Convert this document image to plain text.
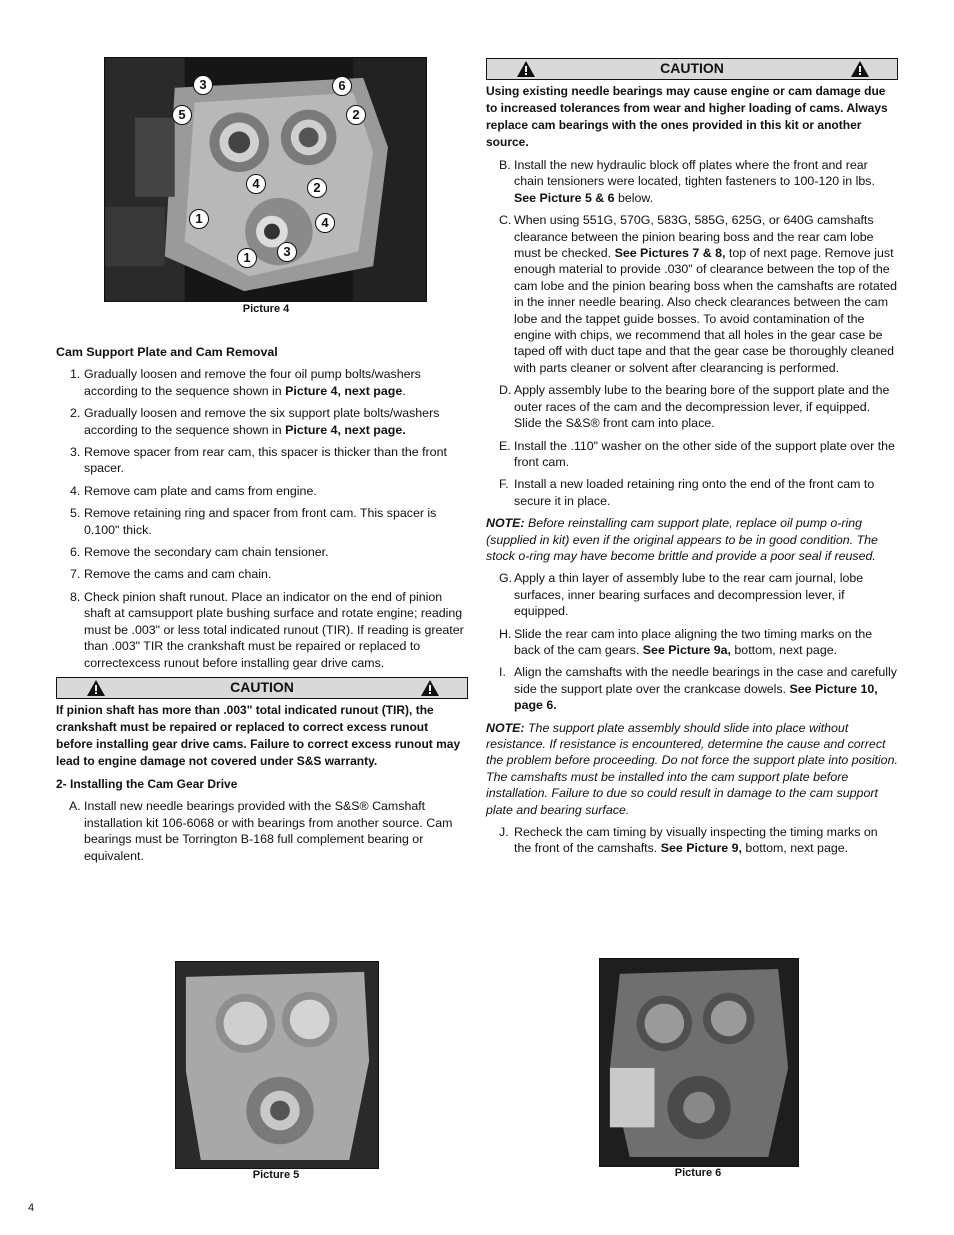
3	6
5	2
4	2
1	4
1	3
Picture 4
Cam Support Plate and Cam Removal
1. Gradually loosen and remove the four oil pump bolts/washers according to the sequence shown in Picture 4, next page.
2. Gradually loosen and remove the six support plate bolts/washers according to the sequence shown in Picture 4, next page.
3. Remove spacer from rear cam, this spacer is thicker than the front spacer.
4. Remove cam plate and cams from engine.
5. Remove retaining ring and spacer from front cam. This spacer is 0.100" thick.
6. Remove the secondary cam chain tensioner.
7. Remove the cams and cam chain.
8. Check pinion shaft runout. Place an indicator on the end of pinion shaft at camsupport plate bushing surface and rotate engine; reading must be .003" or less total indicated runout (TIR). If reading is greater than .003" TIR the crankshaft must be repaired or replaced to correctexcess runout before installing gear drive cams.
CAUTION
If pinion shaft has more than .003" total indicated runout (TIR), the crankshaft must be repaired or replaced to correct excess runout before installing gear drive cams. Failure to correct excess runout may lead to engine damage not covered under S&S warranty.
2- Installing the Cam Gear Drive
A. Install new needle bearings provided with the S&S® Camshaft installation kit 106-6068 or with bearings from another source. Cam bearings must be Torrington B-168 full complement bearing or equivalent.
CAUTION
Using existing needle bearings may cause engine or cam damage due to increased tolerances from wear and higher loading of cams. Always replace cam bearings with the ones provided in this kit or another source.
B. Install the new hydraulic block off plates where the front and rear chain tensioners were located, tighten fasteners to 100-120 in lbs. See Picture 5 & 6 below.
C. When using 551G, 570G, 583G, 585G, 625G, or 640G camshafts clearance between the pinion bearing boss and the rear cam lobe must be checked. See Pictures 7 & 8, top of next page. Remove just enough material to provide .030" of clearance between the top of the cam lobe and the pinion bearing boss when the camshafts are rotated in the inner needle bearing. Also check clearances between the cam lobe and the tappet guide bosses. To avoid contamination of the engine with chips, we recommend that all holes in the gear case be taped off with duct tape and that the gear case be thoroughly cleaned with parts cleaner or solvent after clearancing is performed.
D. Apply assembly lube to the bearing bore of the support plate and the outer races of the cam and the decompression lever, if equipped. Slide the S&S® front cam into place.
E. Install the .110" washer on the other side of the support plate over the front cam.
F. Install a new loaded retaining ring onto the end of the front cam to secure it in place.
NOTE: Before reinstalling cam support plate, replace oil pump o-ring (supplied in kit) even if the original appears to be in good condition. The stock o-ring may have become brittle and provide a poor seal if reused.
G. Apply a thin layer of assembly lube to the rear cam journal, lobe surfaces, inner bearing surfaces and decompression lever, if equipped.
H. Slide the rear cam into place aligning the two timing marks on the back of the cam gears. See Picture 9a, bottom, next page.
I. Align the camshafts with the needle bearings in the case and carefully side the support plate over the crankcase dowels. See Picture 10, page 6.
NOTE: The support plate assembly should slide into place without resistance. If resistance is encountered, determine the cause and correct the problem before proceeding. Do not force the support plate into position. The camshafts must be installed into the cam support plate before installation. Failure to due so could result in damage to the cam support plate and bearing surface.
J. Recheck the cam timing by visually inspecting the timing marks on the front of the camshafts. See Picture 9, bottom, next page.
Picture 5	Picture 6
4
